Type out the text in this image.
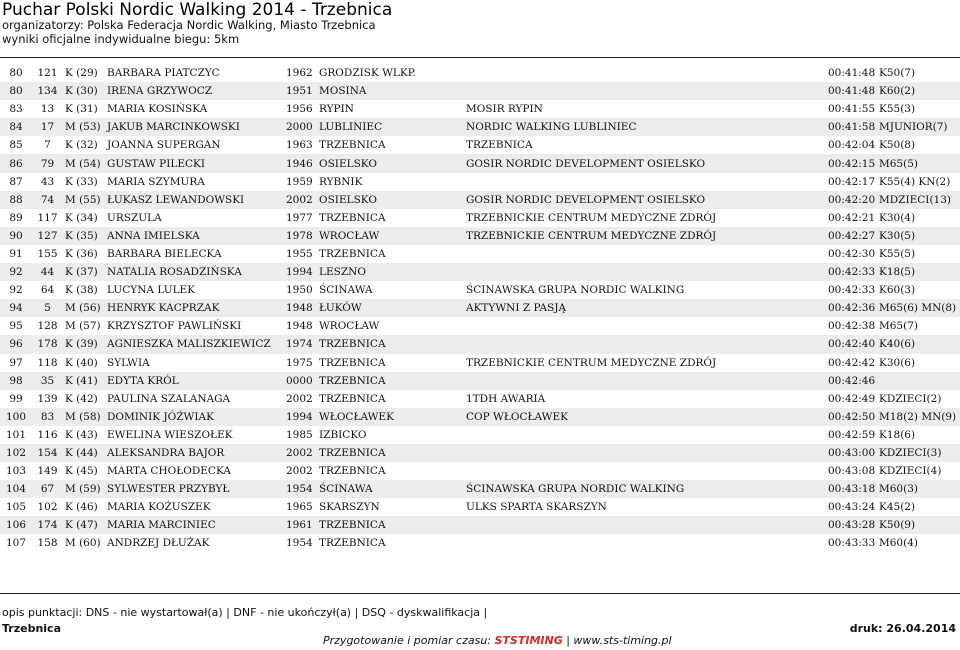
Puchar Polski Nordic Walking 2014 - Trzebnica
organizatorzy: Polska Federacja Nordic Walking, Miasto Trzebnica
wyniki oficjalne indywidualne biegu: 5km
80	121	K (29)	BARBARA PIATCZYC	1962	GRODZISK WLKP.		00:41:48	K50(7)
80	134	K (30)	IRENA GRZYWOCZ	1951	MOSINA		00:41:48	K60(2)
83	13	K (31)	MARIA KOSIŃSKA	1956	RYPIN	MOSIR RYPIN	00:41:55	K55(3)
84	17	M (53)	JAKUB MARCINKOWSKI	2000	LUBLINIEC	NORDIC WALKING LUBLINIEC	00:41:58	MJUNIOR(7)
85	7	K (32)	JOANNA SUPERGAN	1963	TRZEBNICA	TRZEBNICA	00:42:04	K50(8)
86	79	M (54)	GUSTAW PILECKI	1946	OSIELSKO	GOSIR NORDIC DEVELOPMENT OSIELSKO	00:42:15	M65(5)
87	43	K (33)	MARIA SZYMURA	1959	RYBNIK		00:42:17	K55(4) KN(2)
88	74	M (55)	ŁUKASZ LEWANDOWSKI	2002	OSIELSKO	GOSIR NORDIC DEVELOPMENT OSIELSKO	00:42:20	MDZIECI(13)
89	117	K (34)	URSZULA	1977	TRZEBNICA	TRZEBNICKIE CENTRUM MEDYCZNE ZDRÓJ	00:42:21	K30(4)
90	127	K (35)	ANNA IMIELSKA	1978	WROCŁAW	TRZEBNICKIE CENTRUM MEDYCZNE ZDRÓJ	00:42:27	K30(5)
91	155	K (36)	BARBARA BIELECKA	1955	TRZEBNICA		00:42:30	K55(5)
92	44	K (37)	NATALIA ROSADZIŃSKA	1994	LESZNO		00:42:33	K18(5)
92	64	K (38)	LUCYNA LULEK	1950	ŚCINAWA	ŚCINAWSKA GRUPA NORDIC WALKING	00:42:33	K60(3)
94	5	M (56)	HENRYK KACPRZAK	1948	ŁUKÓW	AKTYWNI Z PASJĄ	00:42:36	M65(6) MN(8)
95	128	M (57)	KRZYSZTOF PAWLIŃSKI	1948	WROCŁAW		00:42:38	M65(7)
96	178	K (39)	AGNIESZKA MALISZKIEWICZ	1974	TRZEBNICA		00:42:40	K40(6)
97	118	K (40)	SYLWIA	1975	TRZEBNICA	TRZEBNICKIE CENTRUM MEDYCZNE ZDRÓJ	00:42:42	K30(6)
98	35	K (41)	EDYTA KRÓL	0000	TRZEBNICA		00:42:46	
99	139	K (42)	PAULINA SZALANAGA	2002	TRZEBNICA	1TDH AWARIA	00:42:49	KDZIECI(2)
100	83	M (58)	DOMINIK JÓŹWIAK	1994	WŁOCŁAWEK	COP WŁOCŁAWEK	00:42:50	M18(2) MN(9)
101	116	K (43)	EWELINA WIESZOŁEK	1985	IZBICKO		00:42:59	K18(6)
102	154	K (44)	ALEKSANDRA BAJOR	2002	TRZEBNICA		00:43:00	KDZIECI(3)
103	149	K (45)	MARTA CHOŁODECKA	2002	TRZEBNICA		00:43:08	KDZIECI(4)
104	67	M (59)	SYLWESTER PRZYBYŁ	1954	ŚCINAWA	ŚCINAWSKA GRUPA NORDIC WALKING	00:43:18	M60(3)
105	102	K (46)	MARIA KOŻUSZEK	1965	SKARSZYN	ULKS SPARTA SKARSZYN	00:43:24	K45(2)
106	174	K (47)	MARIA MARCINIEC	1961	TRZEBNICA		00:43:28	K50(9)
107	158	M (60)	ANDRZEJ DŁUŻAK	1954	TRZEBNICA		00:43:33	M60(4)
opis punktacji: DNS - nie wystartował(a) | DNF - nie ukończył(a) | DSQ - dyskwalifikacja |
Trzebnica
Przygotowanie i pomiar czasu: STSTIMING | www.sts-timing.pl
druk: 26.04.2014
